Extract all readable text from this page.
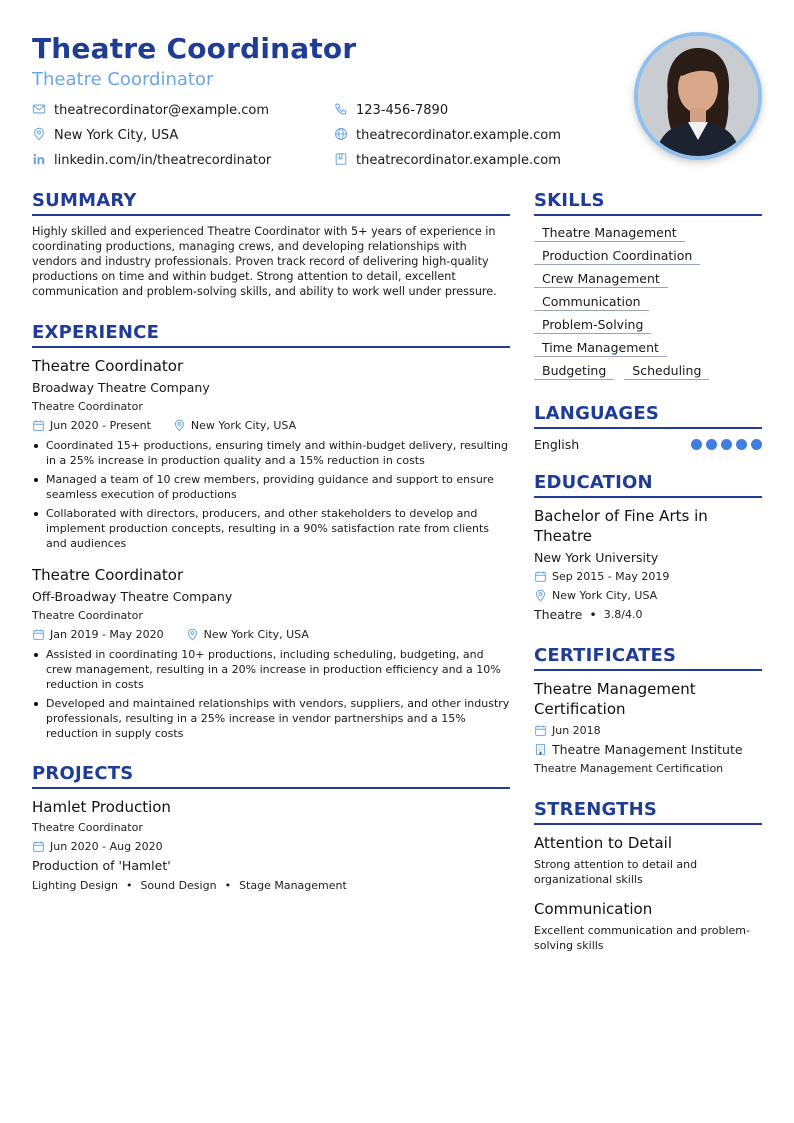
Theatre Coordinator
Theatre Coordinator
theatrecordinator@example.com	123-456-7890
New York City, USA	theatrecordinator.example.com
linkedin.com/in/theatrecordinator	theatrecordinator.example.com
SUMMARY
Highly skilled and experienced Theatre Coordinator with 5+ years of experience in coordinating productions, managing crews, and developing relationships with vendors and industry professionals. Proven track record of delivering high-quality productions on time and within budget. Strong attention to detail, excellent communication and problem-solving skills, and ability to work well under pressure.
EXPERIENCE
Theatre Coordinator
Broadway Theatre Company
Theatre Coordinator
Jun 2020 - Present	New York City, USA
Coordinated 15+ productions, ensuring timely and within-budget delivery, resulting in a 25% increase in production quality and a 15% reduction in costs
Managed a team of 10 crew members, providing guidance and support to ensure seamless execution of productions
Collaborated with directors, producers, and other stakeholders to develop and implement production concepts, resulting in a 90% satisfaction rate from clients and audiences
Theatre Coordinator
Off-Broadway Theatre Company
Theatre Coordinator
Jan 2019 - May 2020	New York City, USA
Assisted in coordinating 10+ productions, including scheduling, budgeting, and crew management, resulting in a 20% increase in production efficiency and a 10% reduction in costs
Developed and maintained relationships with vendors, suppliers, and other industry professionals, resulting in a 25% increase in vendor partnerships and a 15% reduction in supply costs
PROJECTS
Hamlet Production
Theatre Coordinator
Jun 2020 - Aug 2020
Production of 'Hamlet'
Lighting Design • Sound Design • Stage Management
SKILLS
Theatre Management
Production Coordination
Crew Management
Communication
Problem-Solving
Time Management
Budgeting	Scheduling
LANGUAGES
English
EDUCATION
Bachelor of Fine Arts in Theatre
New York University
Sep 2015 - May 2019
New York City, USA
Theatre • 3.8/4.0
CERTIFICATES
Theatre Management Certification
Jun 2018
Theatre Management Institute
Theatre Management Certification
STRENGTHS
Attention to Detail
Strong attention to detail and organizational skills
Communication
Excellent communication and problem-solving skills
